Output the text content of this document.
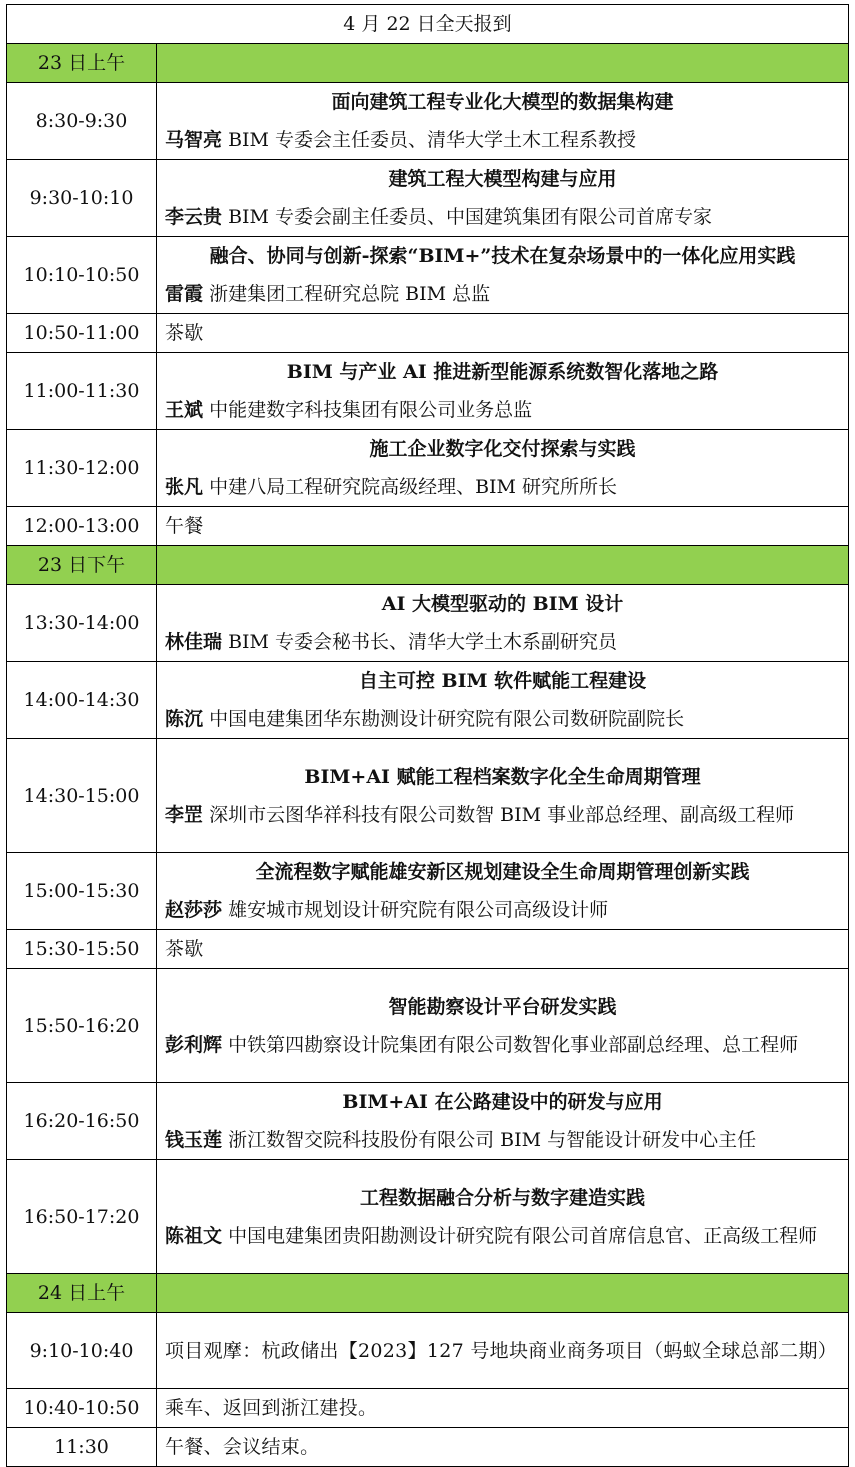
4 月 22 日全天报到	
23 日上午	
8:30-9:30	面向建筑工程专业化大模型的数据集构建
马智亮 BIM 专委会主任委员、清华大学土木工程系教授

9:30-10:10	建筑工程大模型构建与应用
李云贵 BIM 专委会副主任委员、中国建筑集团有限公司首席专家

10:10-10:50	融合、协同与创新-探索“BIM+”技术在复杂场景中的一体化应用实践
雷霞 浙建集团工程研究总院 BIM 总监

10:50-11:00	茶歇
11:00-11:30	BIM 与产业 AI 推进新型能源系统数智化落地之路
王斌 中能建数字科技集团有限公司业务总监

11:30-12:00	施工企业数字化交付探索与实践
张凡 中建八局工程研究院高级经理、BIM 研究所所长

12:00-13:00	午餐
23 日下午	
13:30-14:00	AI 大模型驱动的 BIM 设计
林佳瑞 BIM 专委会秘书长、清华大学土木系副研究员

14:00-14:30	自主可控 BIM 软件赋能工程建设
陈沉 中国电建集团华东勘测设计研究院有限公司数研院副院长

14:30-15:00	BIM+AI 赋能工程档案数字化全生命周期管理
李罡 深圳市云图华祥科技有限公司数智 BIM 事业部总经理、副高级工程师

15:00-15:30	全流程数字赋能雄安新区规划建设全生命周期管理创新实践
赵莎莎 雄安城市规划设计研究院有限公司高级设计师

15:30-15:50	茶歇
15:50-16:20	智能勘察设计平台研发实践
彭利辉 中铁第四勘察设计院集团有限公司数智化事业部副总经理、总工程师

16:20-16:50	BIM+AI 在公路建设中的研发与应用
钱玉莲 浙江数智交院科技股份有限公司 BIM 与智能设计研发中心主任

16:50-17:20	工程数据融合分析与数字建造实践
陈祖文 中国电建集团贵阳勘测设计研究院有限公司首席信息官、正高级工程师

24 日上午	
9:10-10:40	项目观摩：杭政储出【2023】127 号地块商业商务项目（蚂蚁全球总部二期）
10:40-10:50	乘车、返回到浙江建投。
11:30	午餐、会议结束。
